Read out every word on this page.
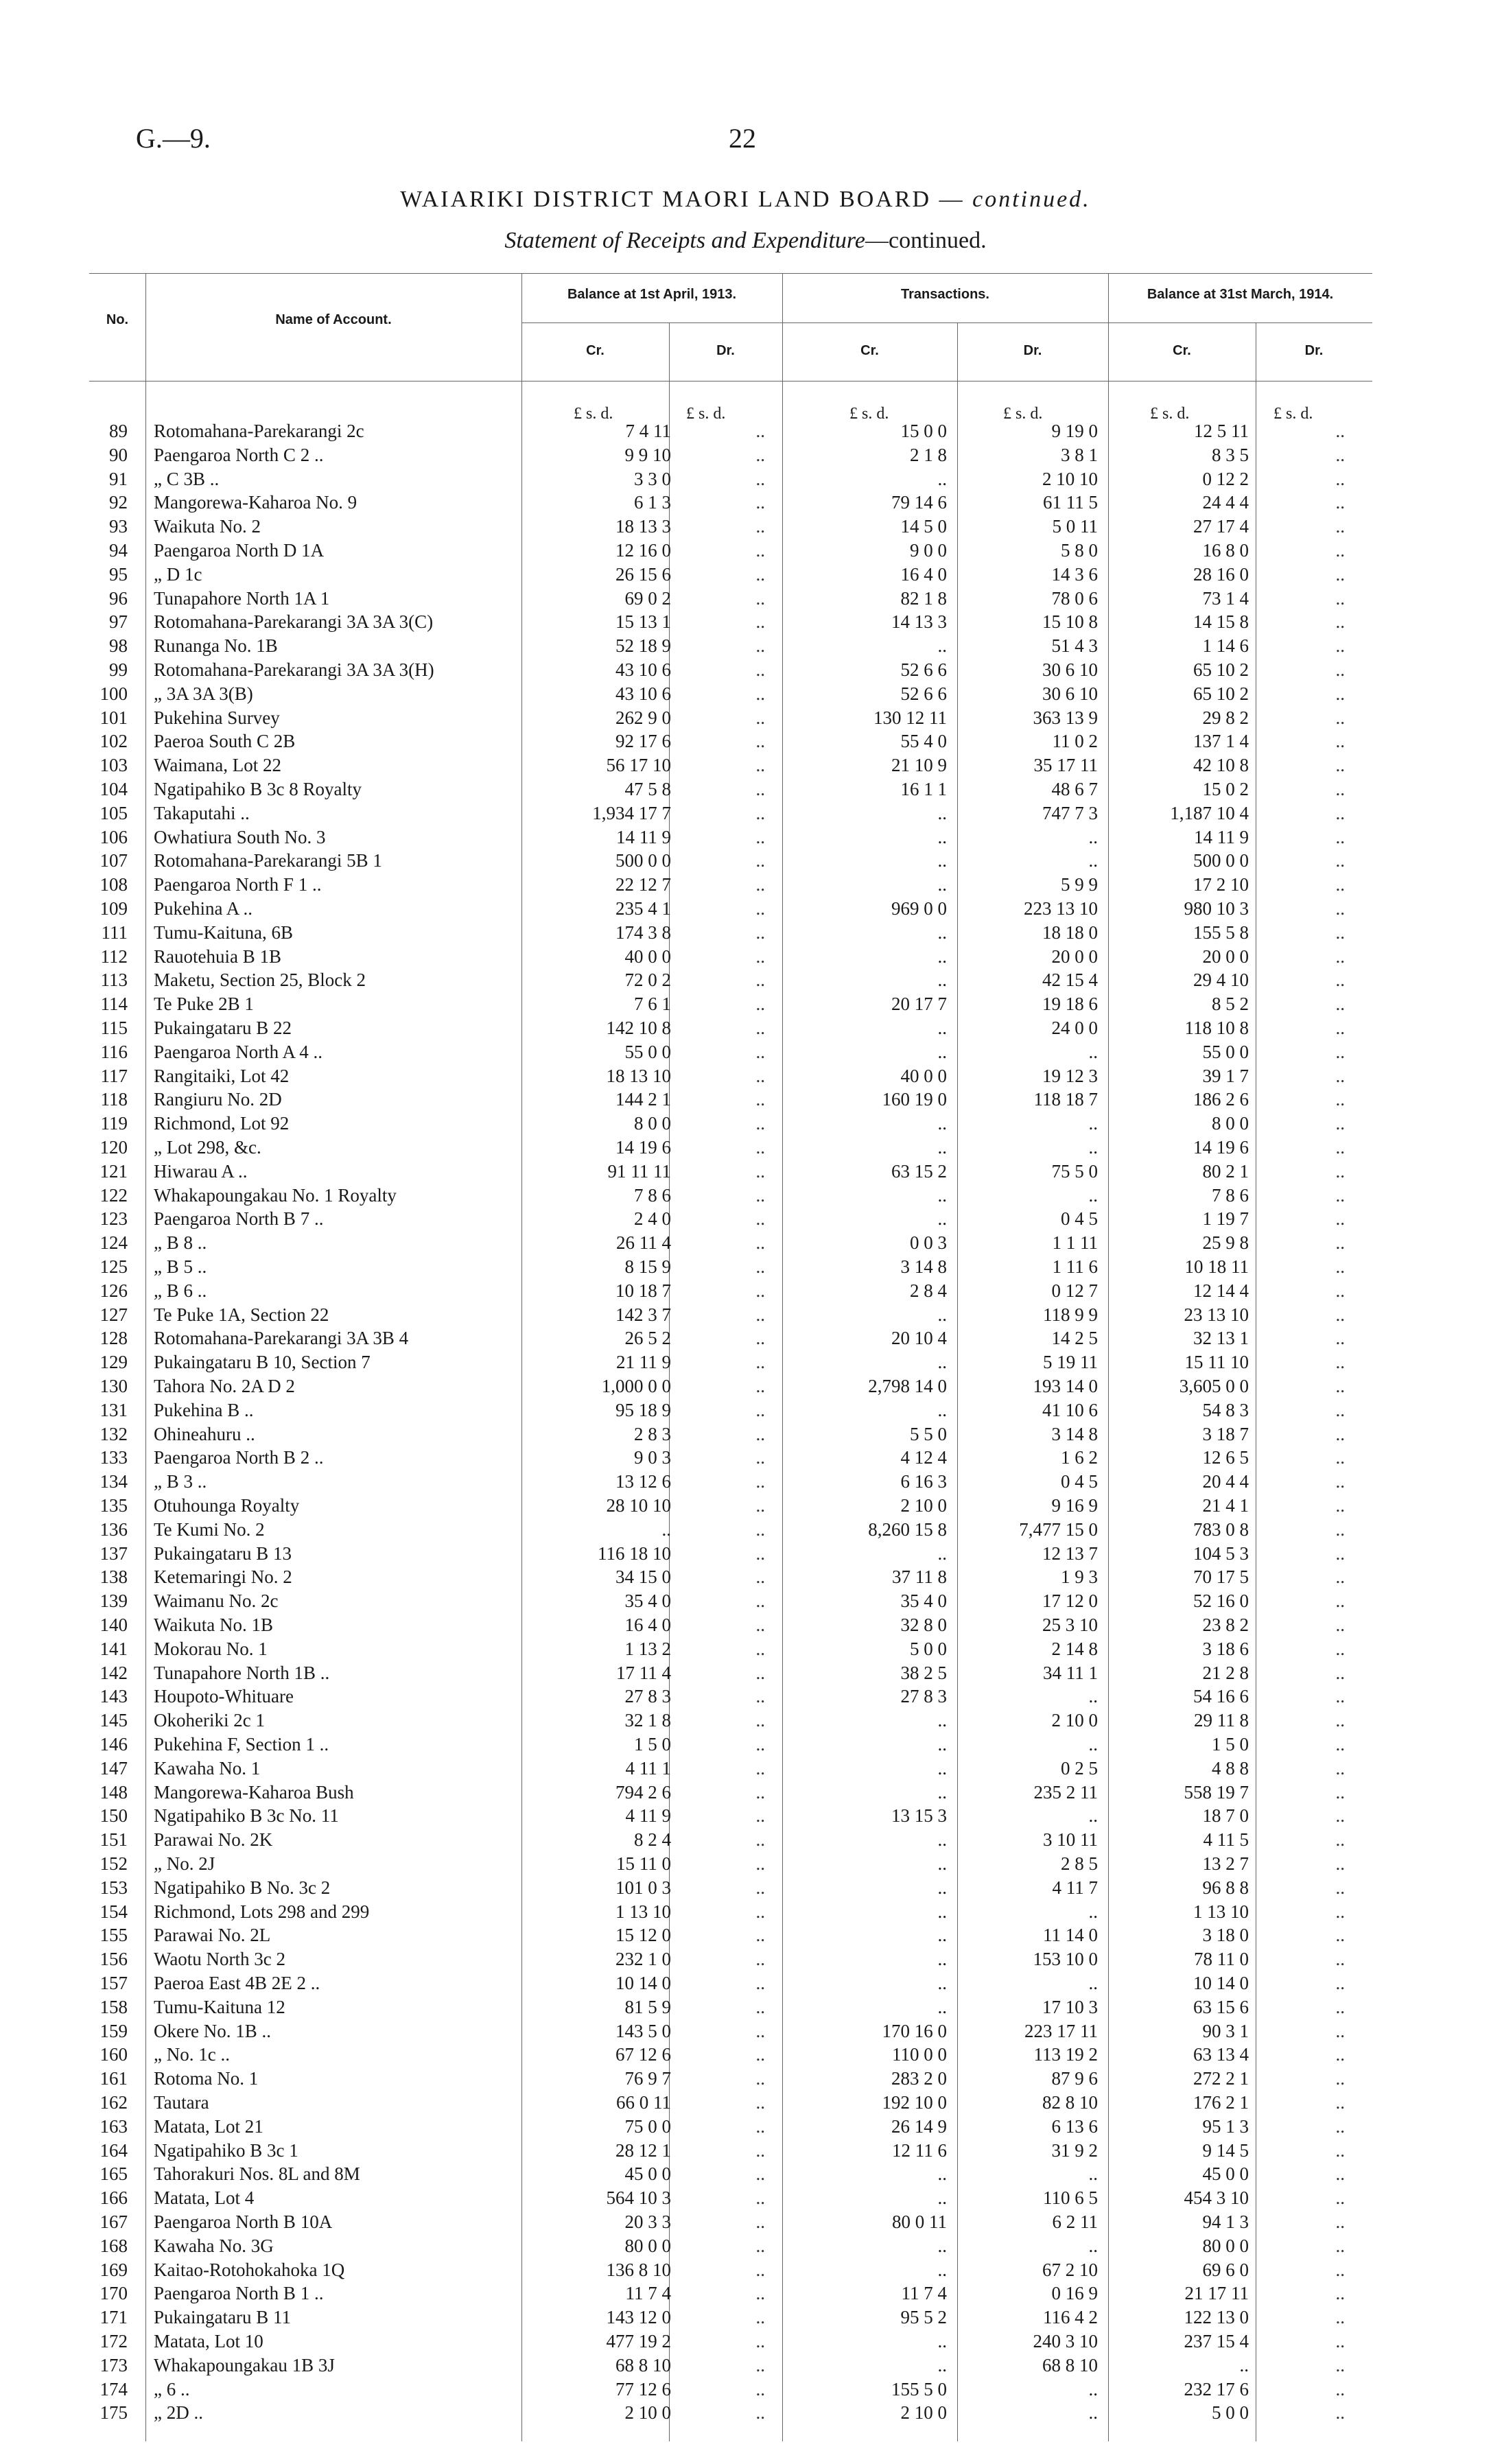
G.—9.	22
WAIARIKI DISTRICT MAORI LAND BOARD — continued.
Statement of Receipts and Expenditure—continued.
No.	Name of Account.
Balance at 1st April, 1913.	Transactions.	Balance at 31st March, 1914.
Cr.	Dr.	Cr.	Dr.	Cr.	Dr.
£ s. d.	£ s. d.	£ s. d.	£ s. d.	£ s. d.	£ s. d.
89 Rotomahana-Parekarangi 2c	7 4 11	..	15 0 0	9 19 0	12 5 11	..
90 Paengaroa North C 2 ..	9 9 10	..	2 1 8	3 8 1	8 3 5	..
91 „ C 3B ..	3 3 0	..	..	2 10 10	0 12 2	..
92 Mangorewa-Kaharoa No. 9	6 1 3	..	79 14 6	61 11 5	24 4 4	..
93 Waikuta No. 2	18 13 3	..	14 5 0	5 0 11	27 17 4	..
94 Paengaroa North D 1A	12 16 0	..	9 0 0	5 8 0	16 8 0	..
95 „ D 1c	26 15 6	..	16 4 0	14 3 6	28 16 0	..
96 Tunapahore North 1A 1	69 0 2	..	82 1 8	78 0 6	73 1 4	..
97 Rotomahana-Parekarangi 3A 3A 3(C)	15 13 1	..	14 13 3	15 10 8	14 15 8	..
98 Runanga No. 1B	52 18 9	..	..	51 4 3	1 14 6	..
99 Rotomahana-Parekarangi 3A 3A 3(H)	43 10 6	..	52 6 6	30 6 10	65 10 2	..
100 „ 3A 3A 3(B)	43 10 6	..	52 6 6	30 6 10	65 10 2	..
101 Pukehina Survey	262 9 0	..	130 12 11	363 13 9	29 8 2	..
102 Paeroa South C 2B	92 17 6	..	55 4 0	11 0 2	137 1 4	..
103 Waimana, Lot 22	56 17 10	..	21 10 9	35 17 11	42 10 8	..
104 Ngatipahiko B 3c 8 Royalty	47 5 8	..	16 1 1	48 6 7	15 0 2	..
105 Takaputahi ..	1,934 17 7	..	..	747 7 3	1,187 10 4	..
106 Owhatiura South No. 3	14 11 9	..	..	..	14 11 9	..
107 Rotomahana-Parekarangi 5B 1	500 0 0	..	..	..	500 0 0	..
108 Paengaroa North F 1 ..	22 12 7	..	..	5 9 9	17 2 10	..
109 Pukehina A ..	235 4 1	..	969 0 0	223 13 10	980 10 3	..
111 Tumu-Kaituna, 6B	174 3 8	..	..	18 18 0	155 5 8	..
112 Rauotehuia B 1B	40 0 0	..	..	20 0 0	20 0 0	..
113 Maketu, Section 25, Block 2	72 0 2	..	..	42 15 4	29 4 10	..
114 Te Puke 2B 1	7 6 1	..	20 17 7	19 18 6	8 5 2	..
115 Pukaingataru B 22	142 10 8	..	..	24 0 0	118 10 8	..
116 Paengaroa North A 4 ..	55 0 0	..	..	..	55 0 0	..
117 Rangitaiki, Lot 42	18 13 10	..	40 0 0	19 12 3	39 1 7	..
118 Rangiuru No. 2D	144 2 1	..	160 19 0	118 18 7	186 2 6	..
119 Richmond, Lot 92	8 0 0	..	..	..	8 0 0	..
120 „ Lot 298, &c.	14 19 6	..	..	..	14 19 6	..
121 Hiwarau A ..	91 11 11	..	63 15 2	75 5 0	80 2 1	..
122 Whakapoungakau No. 1 Royalty	7 8 6	..	..	..	7 8 6	..
123 Paengaroa North B 7 ..	2 4 0	..	..	0 4 5	1 19 7	..
124 „ B 8 ..	26 11 4	..	0 0 3	1 1 11	25 9 8	..
125 „ B 5 ..	8 15 9	..	3 14 8	1 11 6	10 18 11	..
126 „ B 6 ..	10 18 7	..	2 8 4	0 12 7	12 14 4	..
127 Te Puke 1A, Section 22	142 3 7	..	..	118 9 9	23 13 10	..
128 Rotomahana-Parekarangi 3A 3B 4	26 5 2	..	20 10 4	14 2 5	32 13 1	..
129 Pukaingataru B 10, Section 7	21 11 9	..	..	5 19 11	15 11 10	..
130 Tahora No. 2A D 2	1,000 0 0	..	2,798 14 0	193 14 0	3,605 0 0	..
131 Pukehina B ..	95 18 9	..	..	41 10 6	54 8 3	..
132 Ohineahuru ..	2 8 3	..	5 5 0	3 14 8	3 18 7	..
133 Paengaroa North B 2 ..	9 0 3	..	4 12 4	1 6 2	12 6 5	..
134 „ B 3 ..	13 12 6	..	6 16 3	0 4 5	20 4 4	..
135 Otuhounga Royalty	28 10 10	..	2 10 0	9 16 9	21 4 1	..
136 Te Kumi No. 2	..	..	8,260 15 8	7,477 15 0	783 0 8	..
137 Pukaingataru B 13	116 18 10	..	..	12 13 7	104 5 3	..
138 Ketemaringi No. 2	34 15 0	..	37 11 8	1 9 3	70 17 5	..
139 Waimanu No. 2c	35 4 0	..	35 4 0	17 12 0	52 16 0	..
140 Waikuta No. 1B	16 4 0	..	32 8 0	25 3 10	23 8 2	..
141 Mokorau No. 1	1 13 2	..	5 0 0	2 14 8	3 18 6	..
142 Tunapahore North 1B ..	17 11 4	..	38 2 5	34 11 1	21 2 8	..
143 Houpoto-Whituare	27 8 3	..	27 8 3	..	54 16 6	..
145 Okoheriki 2c 1	32 1 8	..	..	2 10 0	29 11 8	..
146 Pukehina F, Section 1 ..	1 5 0	..	..	..	1 5 0	..
147 Kawaha No. 1	4 11 1	..	..	0 2 5	4 8 8	..
148 Mangorewa-Kaharoa Bush	794 2 6	..	..	235 2 11	558 19 7	..
150 Ngatipahiko B 3c No. 11	4 11 9	..	13 15 3	..	18 7 0	..
151 Parawai No. 2K	8 2 4	..	..	3 10 11	4 11 5	..
152 „ No. 2J	15 11 0	..	..	2 8 5	13 2 7	..
153 Ngatipahiko B No. 3c 2	101 0 3	..	..	4 11 7	96 8 8	..
154 Richmond, Lots 298 and 299	1 13 10	..	..	..	1 13 10	..
155 Parawai No. 2L	15 12 0	..	..	11 14 0	3 18 0	..
156 Waotu North 3c 2	232 1 0	..	..	153 10 0	78 11 0	..
157 Paeroa East 4B 2E 2 ..	10 14 0	..	..	..	10 14 0	..
158 Tumu-Kaituna 12	81 5 9	..	..	17 10 3	63 15 6	..
159 Okere No. 1B ..	143 5 0	..	170 16 0	223 17 11	90 3 1	..
160 „ No. 1c ..	67 12 6	..	110 0 0	113 19 2	63 13 4	..
161 Rotoma No. 1	76 9 7	..	283 2 0	87 9 6	272 2 1	..
162 Tautara	66 0 11	..	192 10 0	82 8 10	176 2 1	..
163 Matata, Lot 21	75 0 0	..	26 14 9	6 13 6	95 1 3	..
164 Ngatipahiko B 3c 1	28 12 1	..	12 11 6	31 9 2	9 14 5	..
165 Tahorakuri Nos. 8L and 8M	45 0 0	..	..	..	45 0 0	..
166 Matata, Lot 4	564 10 3	..	..	110 6 5	454 3 10	..
167 Paengaroa North B 10A	20 3 3	..	80 0 11	6 2 11	94 1 3	..
168 Kawaha No. 3G	80 0 0	..	..	..	80 0 0	..
169 Kaitao-Rotohokahoka 1Q	136 8 10	..	..	67 2 10	69 6 0	..
170 Paengaroa North B 1 ..	11 7 4	..	11 7 4	0 16 9	21 17 11	..
171 Pukaingataru B 11	143 12 0	..	95 5 2	116 4 2	122 13 0	..
172 Matata, Lot 10	477 19 2	..	..	240 3 10	237 15 4	..
173 Whakapoungakau 1B 3J	68 8 10	..	..	68 8 10	..	..
174 „ 6 ..	77 12 6	..	155 5 0	..	232 17 6	..
175 „ 2D ..	2 10 0	..	2 10 0	..	5 0 0	..
